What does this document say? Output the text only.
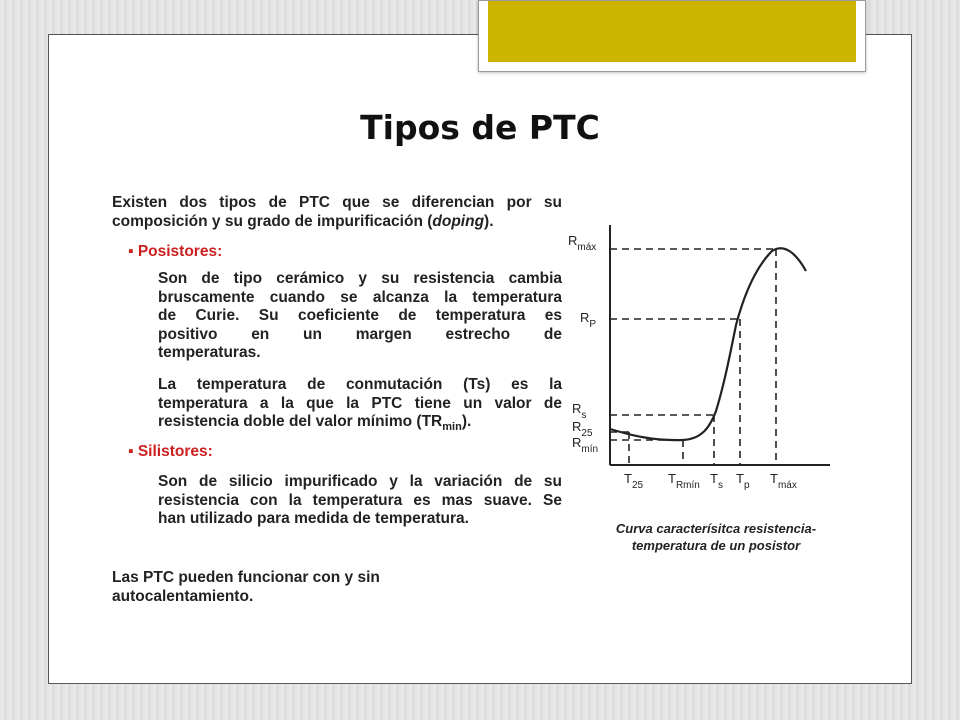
Tipos de PTC
Existen dos tipos de PTC que se diferencian por su
composición y su grado de impurificación (doping).
▪ Posistores:
Son de tipo cerámico y su resistencia cambia
bruscamente cuando se alcanza la temperatura
de Curie. Su coeficiente de temperatura es
positivo en un margen estrecho de
temperaturas.
La temperatura de conmutación (Ts) es la
temperatura a la que la PTC tiene un valor de
resistencia doble del valor mínimo $(TR_{min})$.
▪ Silistores:
Son de silicio impurificado y la variación de su
resistencia con la temperatura es mas suave. Se
han utilizado para medida de temperatura.
Las PTC pueden funcionar con y sin
autocalentamiento.
$R_{máx}$
$R_P$
$R_s$
$R_{25}$
$R_{mín}$
$T_{25}$ $T_{Rmín}$ $T_s$ $T_p$ $T_{máx}$
Curva caracterísitca resistencia-
temperatura de un posistor
